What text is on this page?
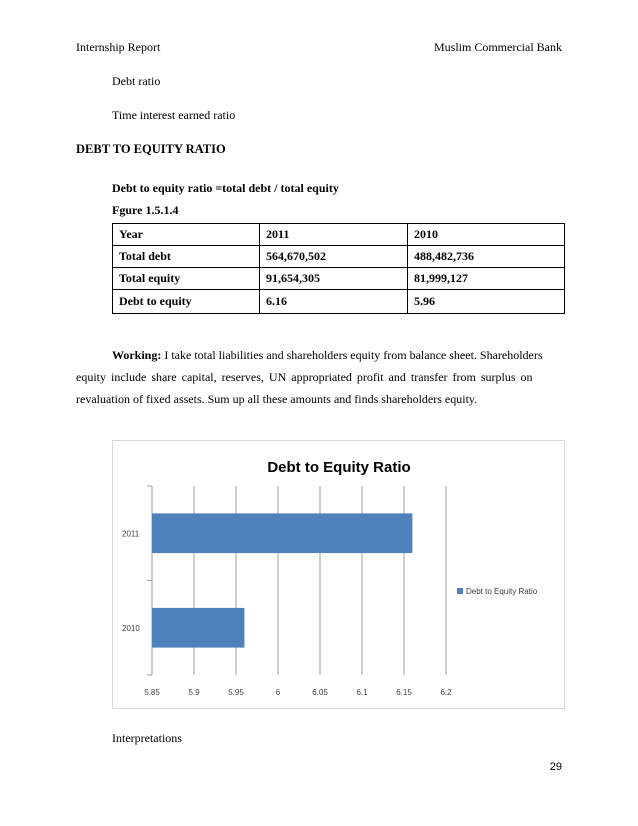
Internship Report	Muslim Commercial Bank
Debt ratio
Time interest earned ratio
DEBT TO EQUITY RATIO
Debt to equity ratio =total debt / total equity
Fgure 1.5.1.4
Year	2011	2010
Total debt	564,670,502	488,482,736
Total equity	91,654,305	81,999,127
Debt to equity	6.16	5.96
Working: I take total liabilities and shareholders equity from balance sheet. Shareholders
equity include share capital, reserves, UN appropriated profit and transfer from surplus on
revaluation of fixed assets. Sum up all these amounts and finds shareholders equity.
Debt to Equity Ratio
2011
2010
5.85	5.9	5.95	6	6.05	6.1	6.15	6.2
Debt to Equity Ratio
Interpretations
29
